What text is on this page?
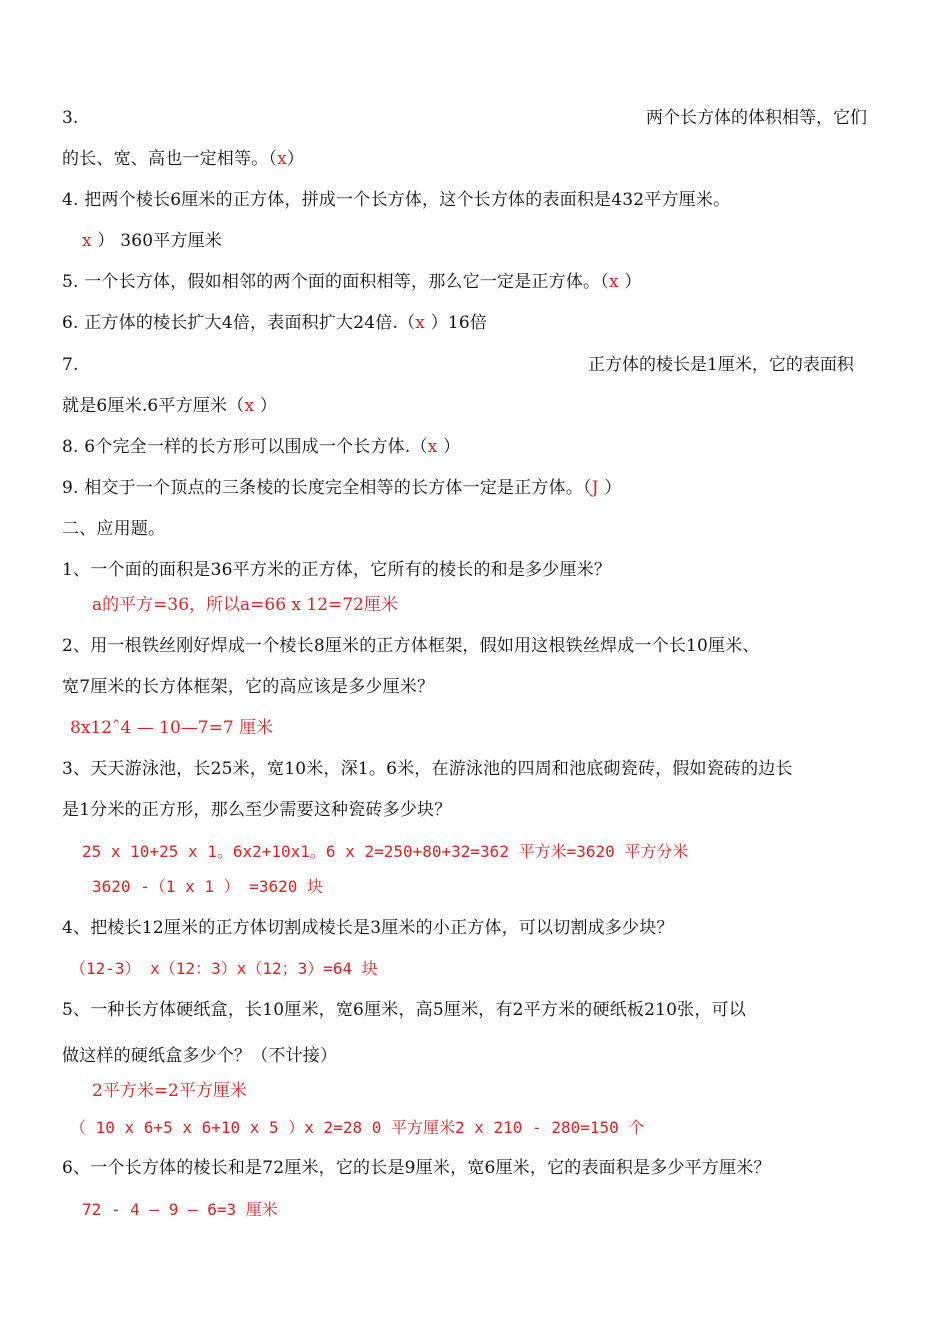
3.	两个长方体的体积相等，它们
的长、宽、高也一定相等。（x）
4. 把两个棱长6厘米的正方体，拼成一个长方体，这个长方体的表面积是432平方厘米。
x ） 360平方厘米
5. 一个长方体，假如相邻的两个面的面积相等，那么它一定是正方体。（x ）
6. 正方体的棱长扩大4倍，表面积扩大24倍.（x ）16倍
7.	正方体的棱长是1厘米，它的表面积
就是6厘米.6平方厘米（x ）
8. 6个完全一样的长方形可以围成一个长方体.（x ）
9. 相交于一个顶点的三条棱的长度完全相等的长方体一定是正方体。（J ）
二、应用题。
1、一个面的面积是36平方米的正方体，它所有的棱长的和是多少厘米？
a的平方=36，所以a=66 x 12=72厘米
2、用一根铁丝刚好焊成一个棱长8厘米的正方体框架，假如用这根铁丝焊成一个长10厘米、
宽7厘米的长方体框架，它的高应该是多少厘米？
8x12ˆ4 — 10—7=7 厘米
3、天天游泳池，长25米，宽10米，深1。6米，在游泳池的四周和池底砌瓷砖，假如瓷砖的边长
是1分米的正方形，那么至少需要这种瓷砖多少块？
25 x 10+25 x 1。6x2+10x1。6 x 2=250+80+32=362 平方米=3620 平方分米
3620 -（1 x 1 ） =3620 块
4、把棱长12厘米的正方体切割成棱长是3厘米的小正方体，可以切割成多少块？
（12-3） x（12：3）x（12；3）=64 块
5、一种长方体硬纸盒，长10厘米，宽6厘米，高5厘米，有2平方米的硬纸板210张，可以
做这样的硬纸盒多少个？（不计接）
2平方米=2平方厘米
（ 10 x 6+5 x 6+10 x 5 ）x 2=28 0 平方厘米2 x 210 - 280=150 个
6、一个长方体的棱长和是72厘米，它的长是9厘米，宽6厘米，它的表面积是多少平方厘米？
72 - 4 — 9 — 6=3 厘米
